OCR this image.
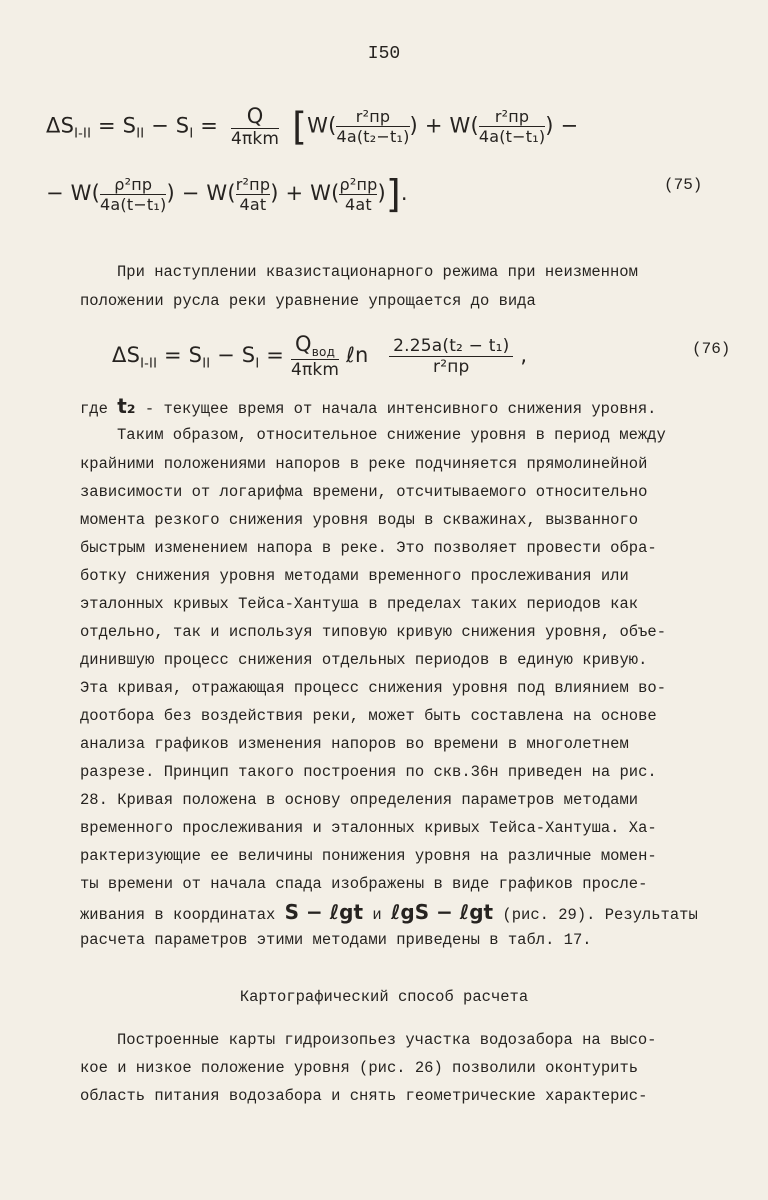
I50
$\Delta S_{I-II} = S_{II} - S_I$ =	Q
4πkm [W(	r²пр
4a(t₂−t₁) ) + W(	r²пр
4a(t−t₁) ) −
− W( ρ²пр
4a(t−t₁) ) − W( r²пр
4at ) + W( ρ²пр
4at )].	(75)
При наступлении квазистационарного режима при неизменном
положении русла реки уравнение упрощается до вида
$\Delta S_{I-II} = S_{II} - S_I = Q_{вод}$
4πkm
ℓn 2.25a(t₂ − t₁)
r²пр	,	(76)
где t₂ - текущее время от начала интенсивного снижения уровня.
Таким образом, относительное снижение уровня в период между
крайними положениями напоров в реке подчиняется прямолинейной
зависимости от логарифма времени, отсчитываемого относительно
момента резкого снижения уровня воды в скважинах, вызванного
быстрым изменением напора в реке. Это позволяет провести обра-
ботку снижения уровня методами временного прослеживания или
эталонных кривых Тейса-Хантуша в пределах таких периодов как
отдельно, так и используя типовую кривую снижения уровня, объе-
динившую процесс снижения отдельных периодов в единую кривую.
Эта кривая, отражающая процесс снижения уровня под влиянием во-
доотбора без воздействия реки, может быть составлена на основе
анализа графиков изменения напоров во времени в многолетнем
разрезе. Принцип такого построения по скв.36н приведен на рис.
28. Кривая положена в основу определения параметров методами
временного прослеживания и эталонных кривых Тейса-Хантуша. Ха-
рактеризующие ее величины понижения уровня на различные момен-
ты времени от начала спада изображены в виде графиков просле-
живания в координатах S − ℓgt и ℓgS − ℓgt (рис. 29). Результаты
расчета параметров этими методами приведены в табл. 17.
Картографический способ расчета
Построенные карты гидроизопьез участка водозабора на высо-
кое и низкое положение уровня (рис. 26) позволили оконтурить
область питания водозабора и снять геометрические характерис-
